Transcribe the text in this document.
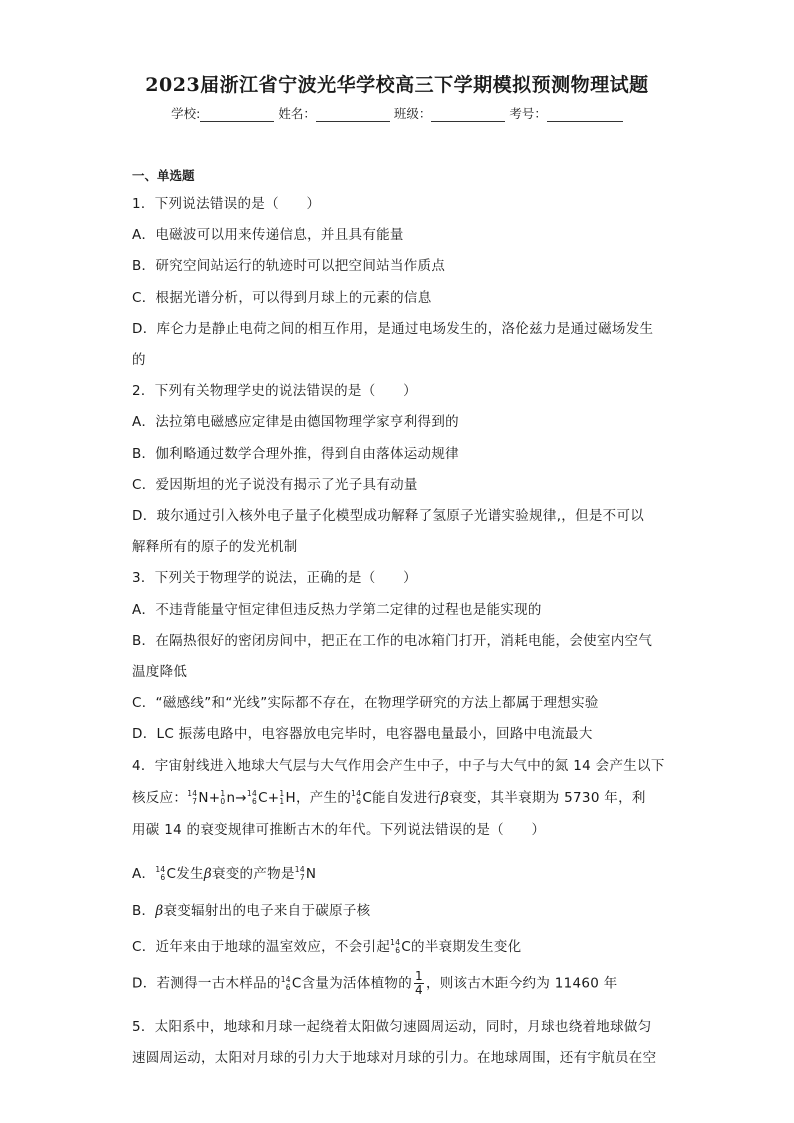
2023届浙江省宁波光华学校高三下学期模拟预测物理试题
学校:	姓名：	班级：	考号：
一、单选题
1．下列说法错误的是（　　）
A．电磁波可以用来传递信息，并且具有能量
B．研究空间站运行的轨迹时可以把空间站当作质点
C．根据光谱分析，可以得到月球上的元素的信息
D．库仑力是静止电荷之间的相互作用，是通过电场发生的，洛伦兹力是通过磁场发生
的
2．下列有关物理学史的说法错误的是（　　）
A．法拉第电磁感应定律是由德国物理学家亨利得到的
B．伽利略通过数学合理外推，得到自由落体运动规律
C．爱因斯坦的光子说没有揭示了光子具有动量
D．玻尔通过引入核外电子量子化模型成功解释了氢原子光谱实验规律,，但是不可以
解释所有的原子的发光机制
3．下列关于物理学的说法，正确的是（　　）
A．不违背能量守恒定律但违反热力学第二定律的过程也是能实现的
B．在隔热很好的密闭房间中，把正在工作的电冰箱门打开，消耗电能，会使室内空气
温度降低
C．“磁感线”和“光线”实际都不存在，在物理学研究的方法上都属于理想实验
D．LC 振荡电路中，电容器放电完毕时，电容器电量最小，回路中电流最大
4．宇宙射线进入地球大气层与大气作用会产生中子，中子与大气中的氮 14 会产生以下
核反应：14
7N+1
0n→14
6C+1
1H，产生的14
6C能自发进行β衰变，其半衰期为 5730 年，利
用碳 14 的衰变规律可推断古木的年代。下列说法错误的是（　　）
A．14
6C发生β衰变的产物是14
7N
B．β衰变辐射出的电子来自于碳原子核
C．近年来由于地球的温室效应，不会引起14
6C的半衰期发生变化
D．若测得一古木样品的14
6C含量为活体植物的 $\frac{1}{4}$ ，则该古木距今约为 11460 年
5．太阳系中，地球和月球一起绕着太阳做匀速圆周运动，同时，月球也绕着地球做匀
速圆周运动，太阳对月球的引力大于地球对月球的引力。在地球周围，还有宇航员在空
